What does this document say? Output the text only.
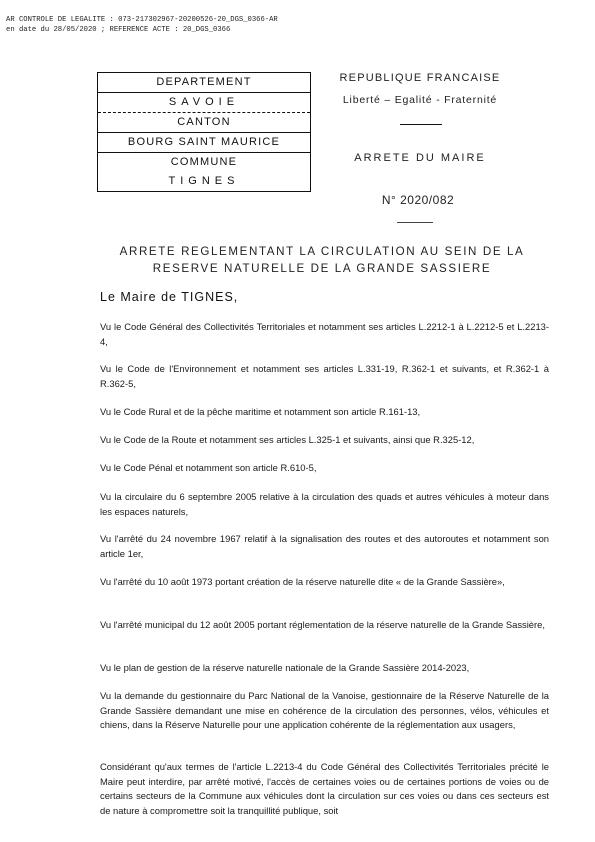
AR CONTROLE DE LEGALITE : 073-217302967-20200526-20_DGS_0366-AR
en date du 28/05/2020 ; REFERENCE ACTE : 20_DGS_0366
DEPARTEMENT
SAVOIE
CANTON
BOURG SAINT MAURICE
COMMUNE
TIGNES
REPUBLIQUE FRANCAISE
Liberté – Egalité - Fraternité
ARRETE DU MAIRE
N° 2020/082
ARRETE REGLEMENTANT LA CIRCULATION AU SEIN DE LA
RESERVE NATURELLE DE LA GRANDE SASSIERE
Le Maire de TIGNES,
Vu le Code Général des Collectivités Territoriales et notamment ses articles L.2212-1 à L.2212-5 et L.2213-4,
Vu le Code de l'Environnement et notamment ses articles L.331-19, R.362-1 et suivants, et R.362-1 à R.362-5,
Vu le Code Rural et de la pêche maritime et notamment son article R.161-13,
Vu le Code de la Route et notamment ses articles L.325-1 et suivants, ainsi que R.325-12,
Vu le Code Pénal et notamment son article R.610-5,
Vu la circulaire du 6 septembre 2005 relative à la circulation des quads et autres véhicules à moteur dans les espaces naturels,
Vu l'arrêté du 24 novembre 1967 relatif à la signalisation des routes et des autoroutes et notamment son article 1er,
Vu l'arrêté du 10 août 1973 portant création de la réserve naturelle dite « de la Grande Sassière»,
Vu l'arrêté municipal du 12 août 2005 portant réglementation de la réserve naturelle de la Grande Sassière,
Vu le plan de gestion de la réserve naturelle nationale de la Grande Sassière 2014-2023,
Vu la demande du gestionnaire du Parc National de la Vanoise, gestionnaire de la Réserve Naturelle de la Grande Sassière demandant une mise en cohérence de la circulation des personnes, vélos, véhicules et chiens, dans la Réserve Naturelle pour une application cohérente de la réglementation aux usagers,
Considérant qu'aux termes de l'article L.2213-4 du Code Général des Collectivités Territoriales précité le Maire peut interdire, par arrêté motivé, l'accès de certaines voies ou de certaines portions de voies ou de certains secteurs de la Commune aux véhicules dont la circulation sur ces voies ou dans ces secteurs est de nature à compromettre soit la tranquillité publique, soit
